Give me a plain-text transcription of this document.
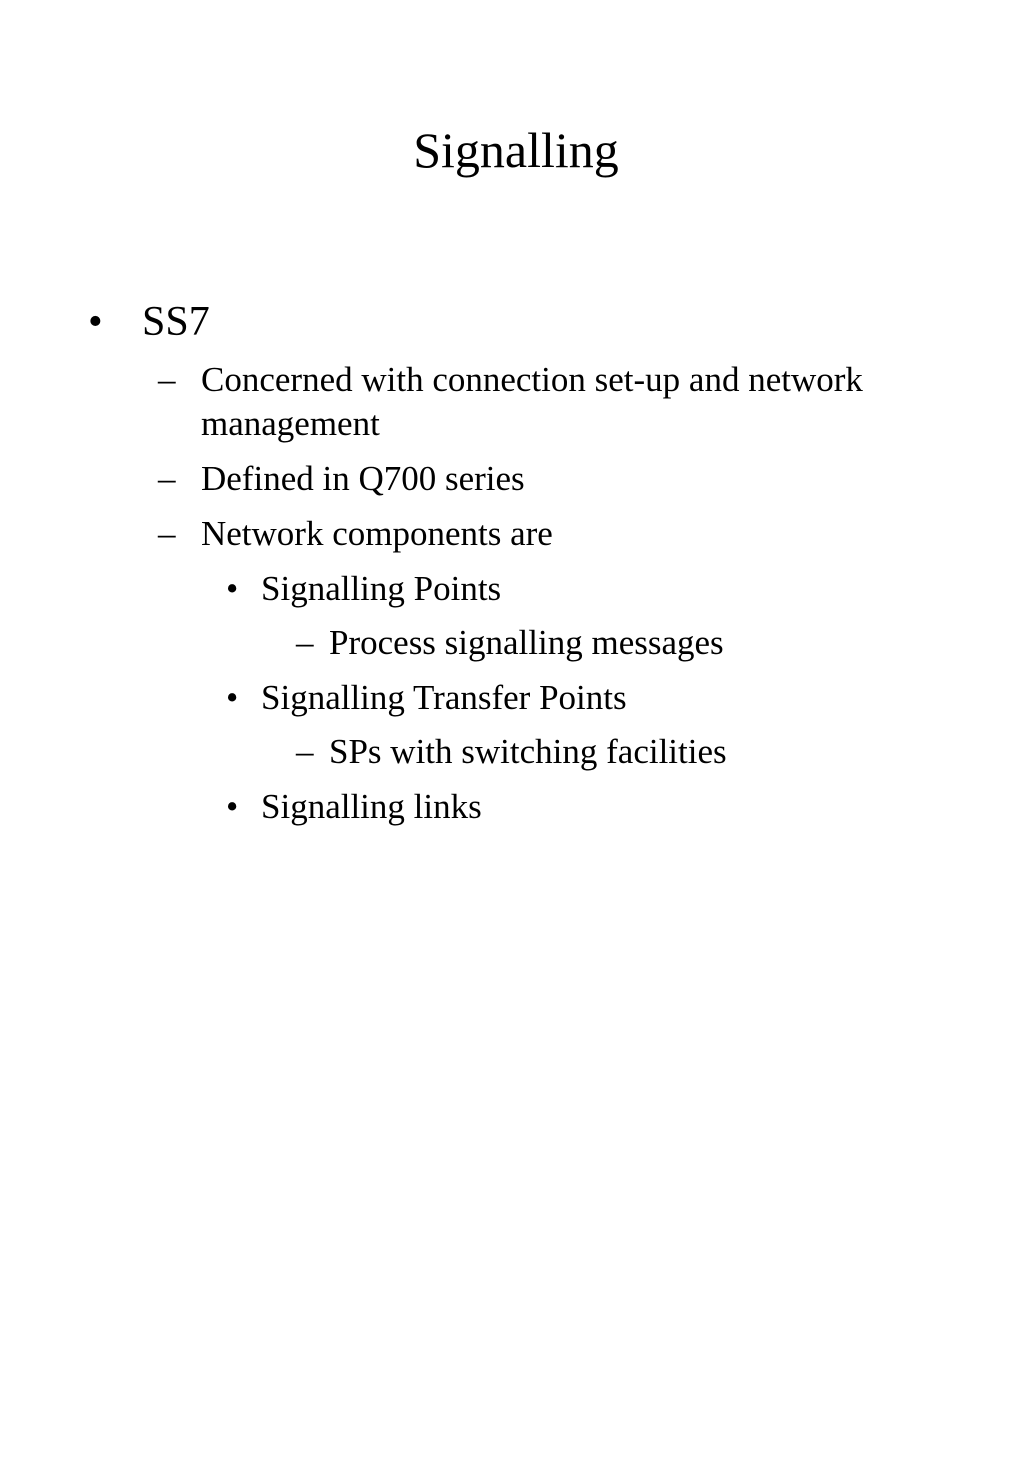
Signalling
• SS7
– Concerned with connection set-up and network
management
– Defined in Q700 series
– Network components are
• Signalling Points
– Process signalling messages
• Signalling Transfer Points
– SPs with switching facilities
• Signalling links
